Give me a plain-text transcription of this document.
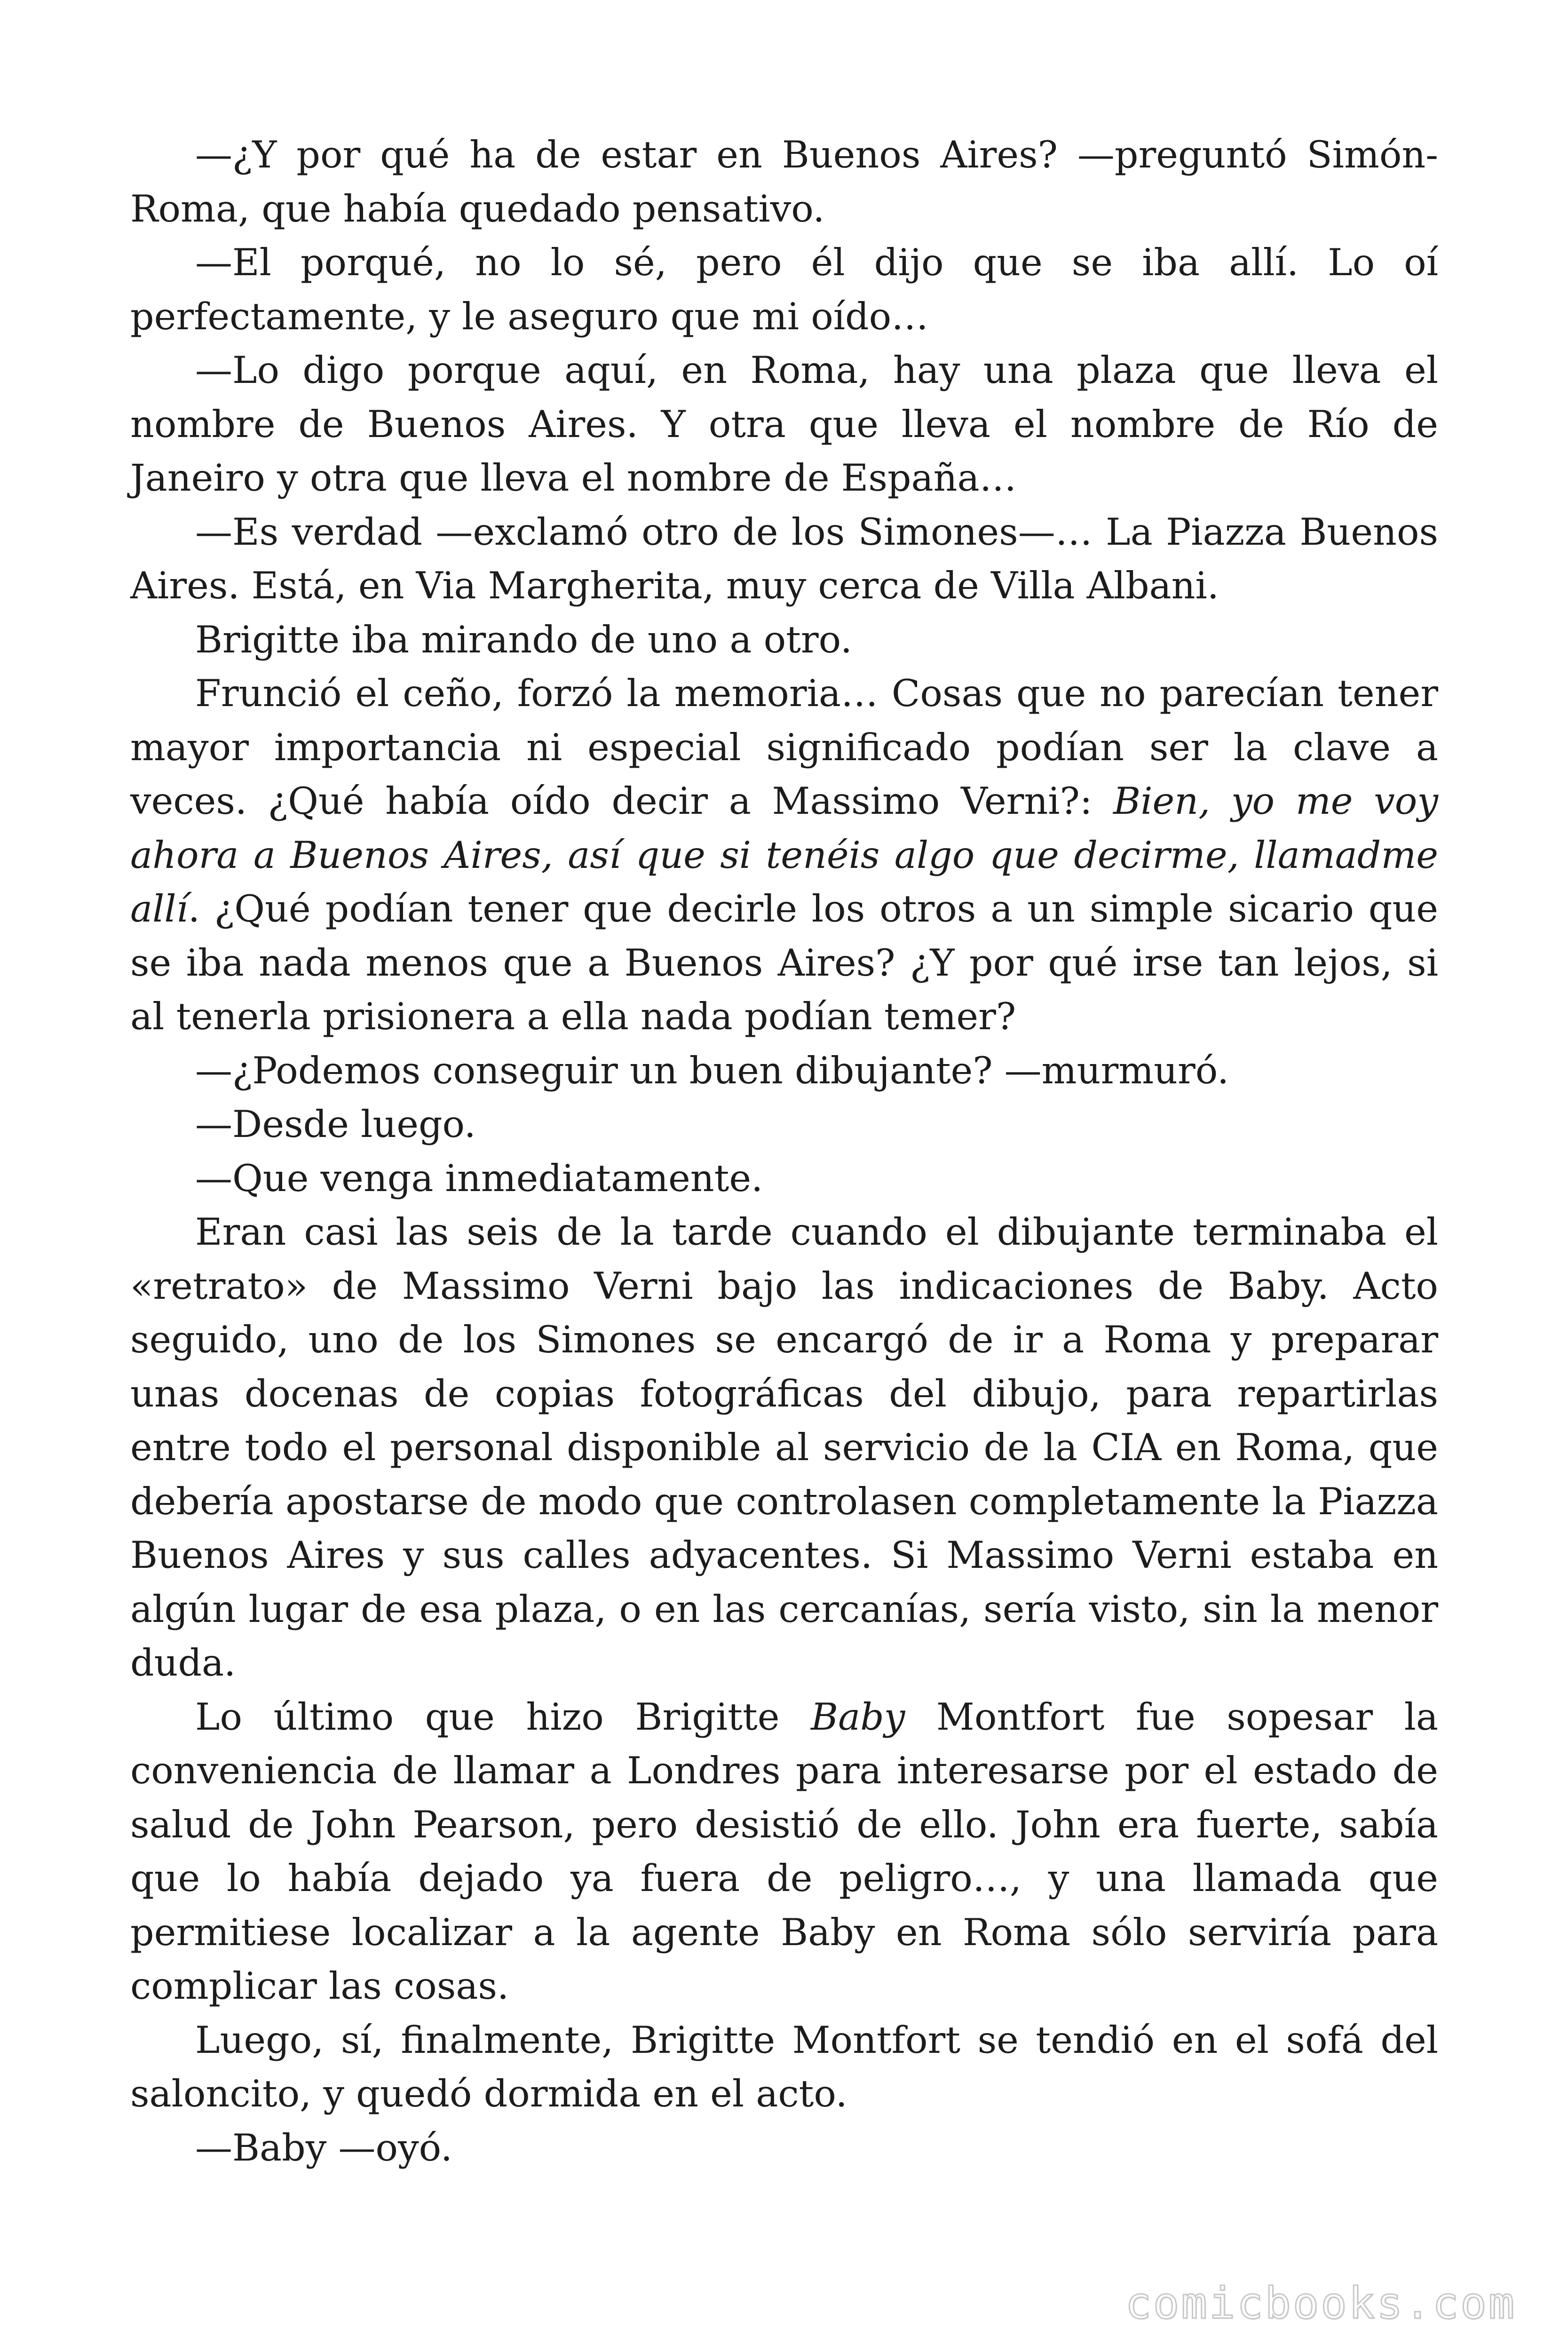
—¿Y por qué ha de estar en Buenos Aires? —preguntó Simón-Roma, que había quedado pensativo.

—El porqué, no lo sé, pero él dijo que se iba allí. Lo oí perfectamente, y le aseguro que mi oído…

—Lo digo porque aquí, en Roma, hay una plaza que lleva el nombre de Buenos Aires. Y otra que lleva el nombre de Río de Janeiro y otra que lleva el nombre de España…

—Es verdad —exclamó otro de los Simones—… La Piazza Buenos Aires. Está, en Via Margherita, muy cerca de Villa Albani.

Brigitte iba mirando de uno a otro.

Frunció el ceño, forzó la memoria… Cosas que no parecían tener mayor importancia ni especial significado podían ser la clave a veces. ¿Qué había oído decir a Massimo Verni?: Bien, yo me voy ahora a Buenos Aires, así que si tenéis algo que decirme, llamadme allí. ¿Qué podían tener que decirle los otros a un simple sicario que se iba nada menos que a Buenos Aires? ¿Y por qué irse tan lejos, si al tenerla prisionera a ella nada podían temer?

—¿Podemos conseguir un buen dibujante? —murmuró.

—Desde luego.

—Que venga inmediatamente.

Eran casi las seis de la tarde cuando el dibujante terminaba el «retrato» de Massimo Verni bajo las indicaciones de Baby. Acto seguido, uno de los Simones se encargó de ir a Roma y preparar unas docenas de copias fotográficas del dibujo, para repartirlas entre todo el personal disponible al servicio de la CIA en Roma, que debería apostarse de modo que controlasen completamente la Piazza Buenos Aires y sus calles adyacentes. Si Massimo Verni estaba en algún lugar de esa plaza, o en las cercanías, sería visto, sin la menor duda.

Lo último que hizo Brigitte Baby Montfort fue sopesar la conveniencia de llamar a Londres para interesarse por el estado de salud de John Pearson, pero desistió de ello. John era fuerte, sabía que lo había dejado ya fuera de peligro…, y una llamada que permitiese localizar a la agente Baby en Roma sólo serviría para complicar las cosas.

Luego, sí, finalmente, Brigitte Montfort se tendió en el sofá del saloncito, y quedó dormida en el acto.

—Baby —oyó.

comicbooks.com
